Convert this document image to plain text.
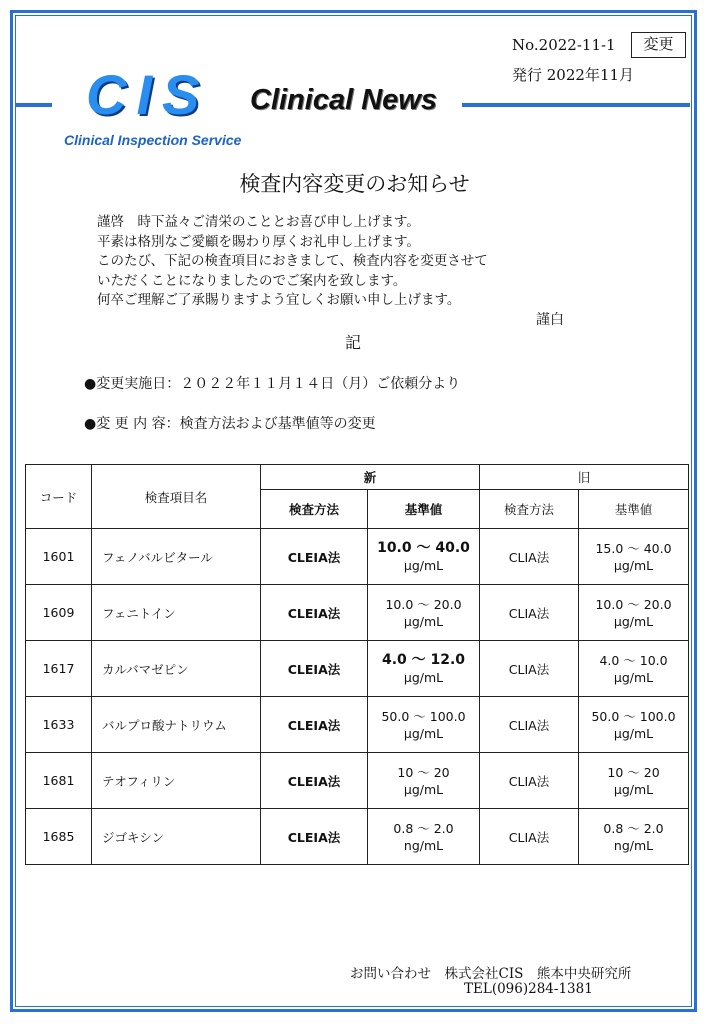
CIS
Clinical Inspection Service
Clinical News
No.2022-11-1	変更
発行 2022年11月
検査内容変更のお知らせ
謹啓　時下益々ご清栄のこととお喜び申し上げます。
平素は格別なご愛顧を賜わり厚くお礼申し上げます。
このたび、下記の検査項目におきまして、検査内容を変更させて
いただくことになりましたのでご案内を致します。
何卒ご理解ご了承賜りますよう宜しくお願い申し上げます。
謹白
記
●変更実施日：２０２２年１１月１４日（月）ご依頼分より
●変 更 内 容：検査方法および基準値等の変更
コード	検査項目名	新		旧	
		検査方法	基準値	検査方法	基準値
1601	フェノバルビタール	CLEIA法	10.0 〜 40.0
μg/mL	CLIA法	15.0 〜 40.0
μg/mL

1609	フェニトイン	CLEIA法	10.0 〜 20.0
μg/mL	CLIA法	10.0 〜 20.0
μg/mL

1617	カルバマゼピン	CLEIA法	4.0 〜 12.0
μg/mL	CLIA法	4.0 〜 10.0
μg/mL

1633	バルプロ酸ナトリウム	CLEIA法	50.0 〜 100.0
μg/mL	CLIA法	50.0 〜 100.0
μg/mL

1681	テオフィリン	CLEIA法	10 〜 20
μg/mL	CLIA法	10 〜 20
μg/mL

1685	ジゴキシン	CLEIA法	0.8 〜 2.0
ng/mL	CLIA法	0.8 〜 2.0
ng/mL
お問い合わせ　株式会社CIS　熊本中央研究所
TEL(096)284-1381
